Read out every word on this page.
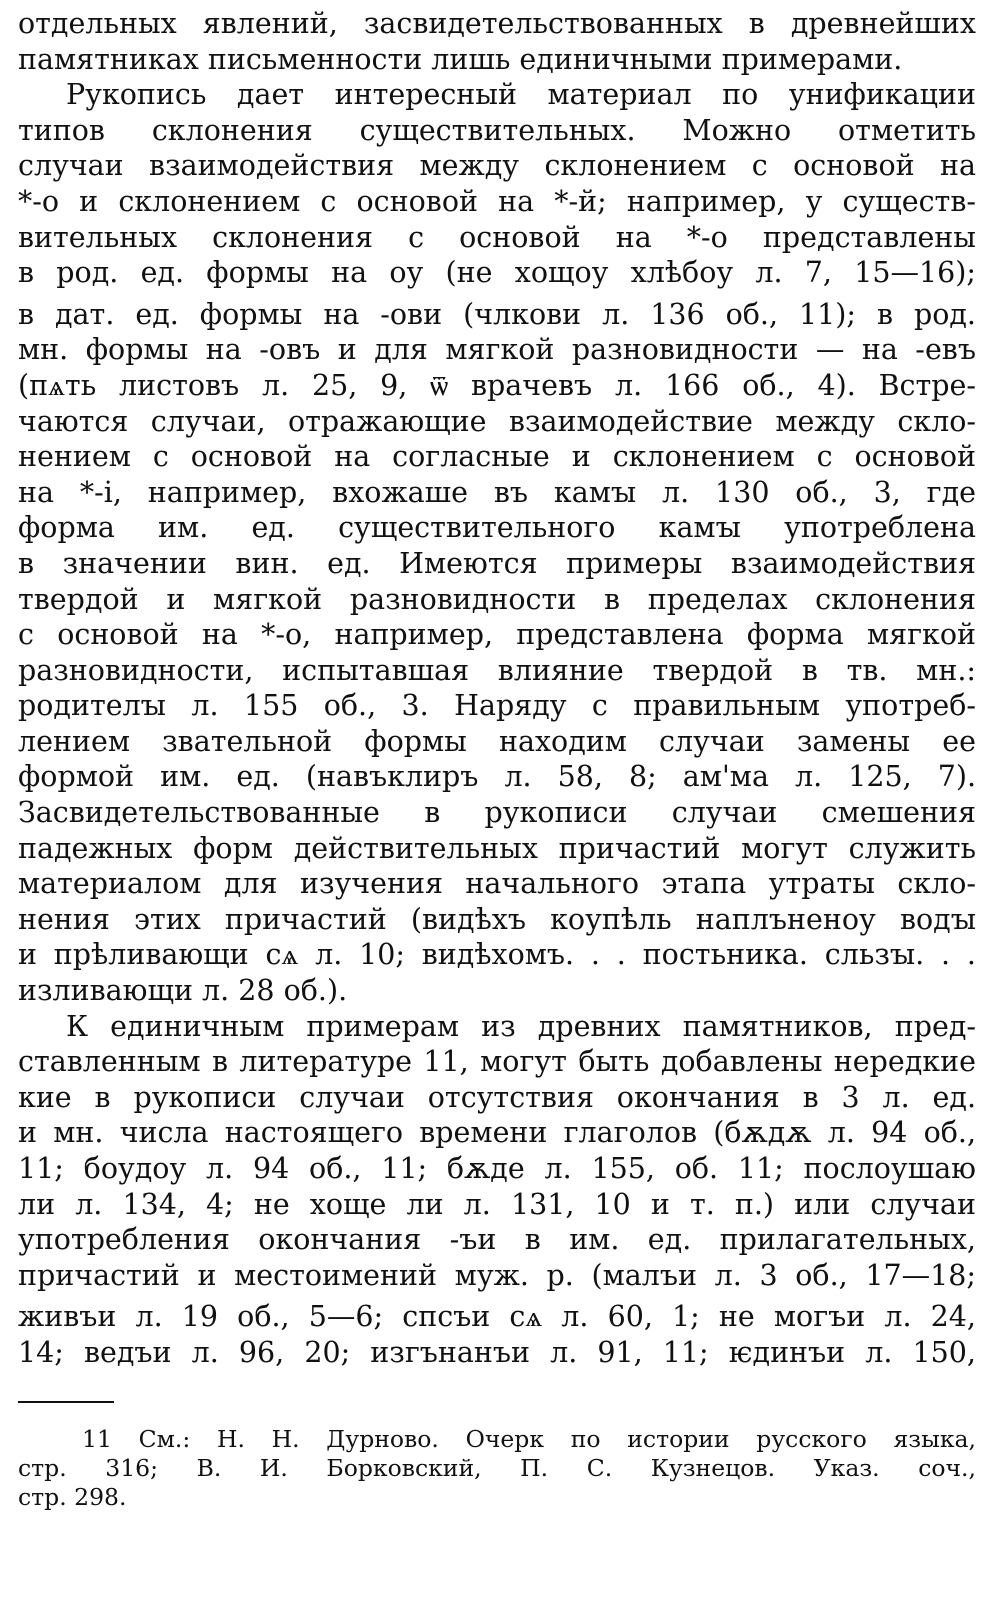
отдельных явлений, засвидетельствованных в древнейших
памятниках письменности лишь единичными примерами.
Рукопись дает интересный материал по унификации
типов склонения существительных. Можно отметить
случаи взаимодействия между склонением с основой на
*-о и склонением с основой на *-й; например, у существ-
вительных склонения с основой на *-о представлены
в род. ед. формы на оу (не хощоу хлѣбоу л. 7, 15—16);
в дат. ед. формы на -ови (члкови л. 136 об., 11); в род.
мн. формы на -овъ и для мягкой разновидности — на -евъ
(пѧть листовъ л. 25, 9, ѿ врачевъ л. 166 об., 4). Встре-
чаются случаи, отражающие взаимодействие между скло-
нением с основой на согласные и склонением с основой
на *-i, например, вхожаше въ камꙑ л. 130 об., 3, где
форма им. ед. существительного камꙑ употреблена
в значении вин. ед. Имеются примеры взаимодействия
твердой и мягкой разновидности в пределах склонения
с основой на *-о, например, представлена форма мягкой
разновидности, испытавшая влияние твердой в тв. мн.:
родителꙑ л. 155 об., 3. Наряду с правильным употреб-
лением звательной формы находим случаи замены ее
формой им. ед. (навъклиръ л. 58, 8; ам'ма л. 125, 7).
Засвидетельствованные в рукописи случаи смешения
падежных форм действительных причастий могут служить
материалом для изучения начального этапа утраты скло-
нения этих причастий (видѣхъ коупѣль наплъненоу водꙑ
и прѣливающи сѧ л. 10; видѣхомъ. . . постьника. сльзꙑ. . .
изливающи л. 28 об.).
К единичным примерам из древних памятников, пред-
ставленным в литературе 11, могут быть добавлены нередкие
кие в рукописи случаи отсутствия окончания в 3 л. ед.
и мн. числа настоящего времени глаголов (бѫдѫ л. 94 об.,
11; боудоу л. 94 об., 11; бѫде л. 155, об. 11; послоушаю
ли л. 134, 4; не хоще ли л. 131, 10 и т. п.) или случаи
употребления окончания -ъи в им. ед. прилагательных,
причастий и местоимений муж. р. (малъи л. 3 об., 17—18;
живъи л. 19 об., 5—6; спсъи сѧ л. 60, 1; не могъи л. 24,
14; ведъи л. 96, 20; изгънанъи л. 91, 11; ѥдинъи л. 150,
11 См.: Н. Н. Дурново. Очерк по истории русского языка,
стр. 316; В. И. Борковский, П. С. Кузнецов. Указ. соч.,
стр. 298.
